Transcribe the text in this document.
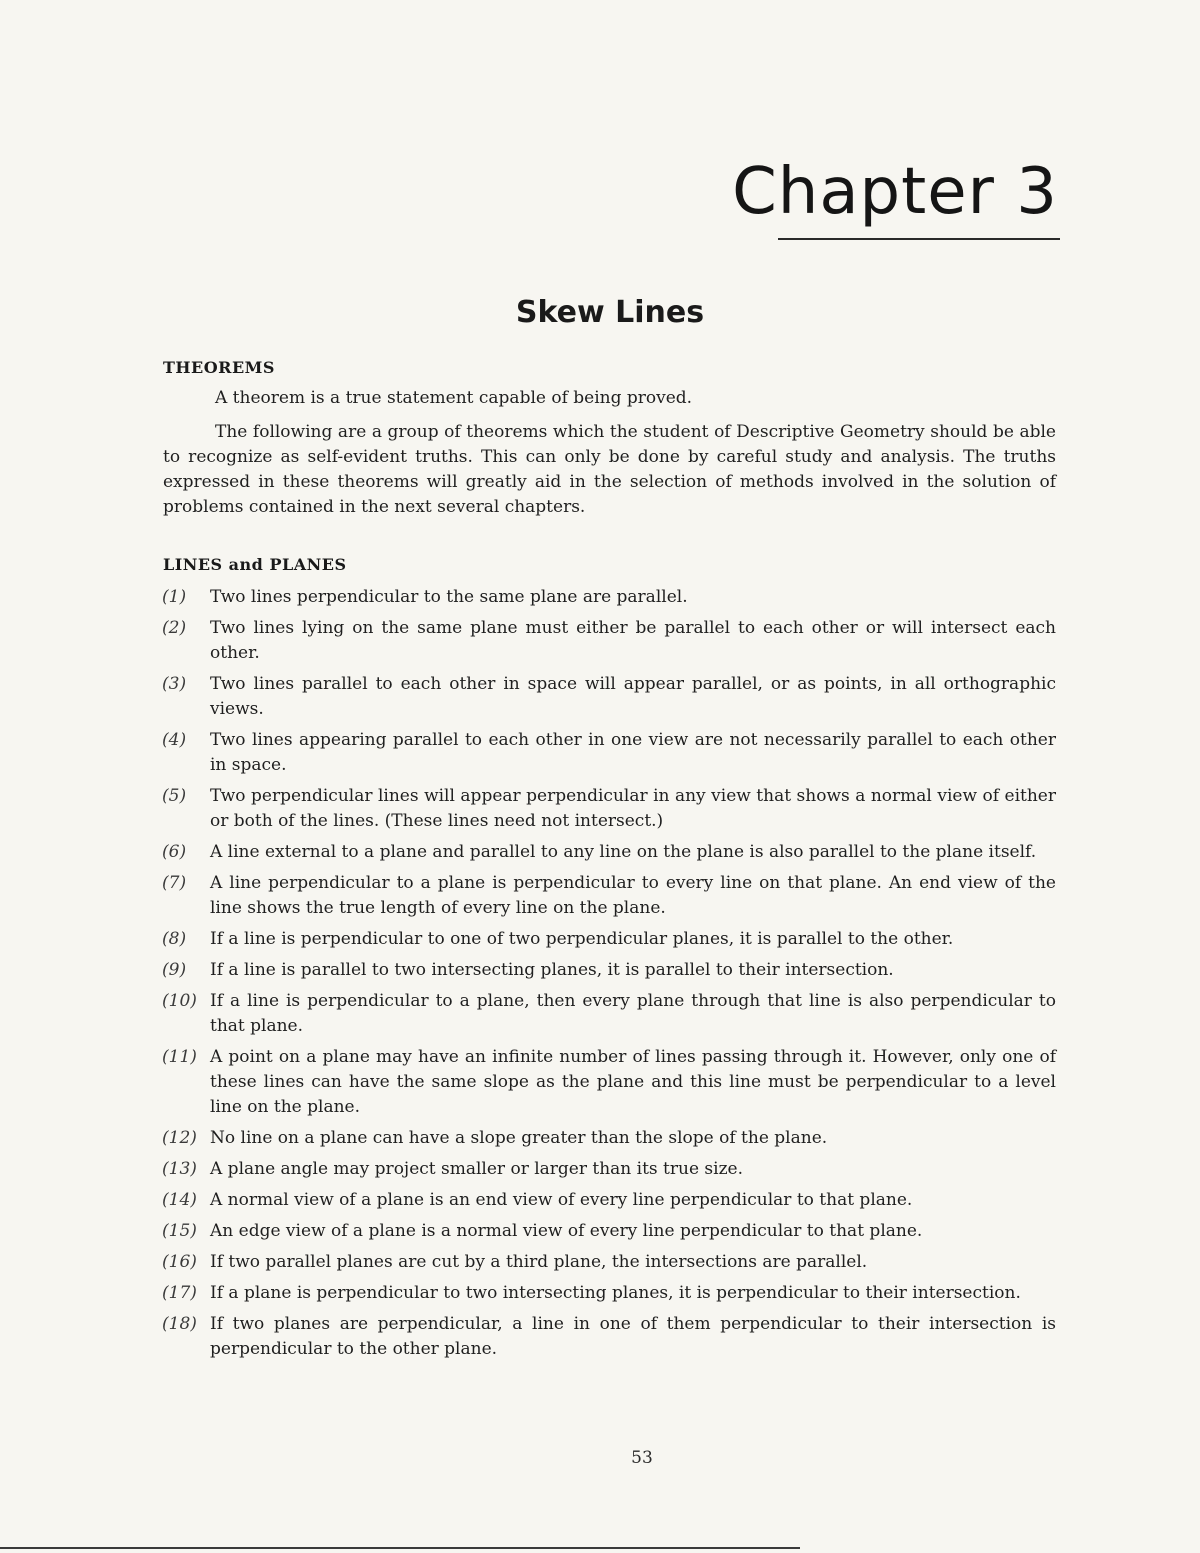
Chapter 3
Skew Lines
THEOREMS

A theorem is a true statement capable of being proved.

The following are a group of theorems which the student of Descriptive Geometry should be able to recognize as self-evident truths. This can only be done by careful study and analysis. The truths expressed in these theorems will greatly aid in the selection of methods involved in the solution of problems contained in the next several chapters.

LINES and PLANES
(1)	Two lines perpendicular to the same plane are parallel.
(2)	Two lines lying on the same plane must either be parallel to each other or will intersect each other.
(3)	Two lines parallel to each other in space will appear parallel, or as points, in all orthographic views.
(4)	Two lines appearing parallel to each other in one view are not necessarily parallel to each other in space.
(5)	Two perpendicular lines will appear perpendicular in any view that shows a normal view of either or both of the lines. (These lines need not intersect.)
(6)	A line external to a plane and parallel to any line on the plane is also parallel to the plane itself.
(7)	A line perpendicular to a plane is perpendicular to every line on that plane. An end view of the line shows the true length of every line on the plane.
(8)	If a line is perpendicular to one of two perpendicular planes, it is parallel to the other.
(9)	If a line is parallel to two intersecting planes, it is parallel to their intersection.
(10) If a line is perpendicular to a plane, then every plane through that line is also perpendicular to that plane.
(11) A point on a plane may have an infinite number of lines passing through it. However, only one of these lines can have the same slope as the plane and this line must be perpendicular to a level line on the plane.
(12) No line on a plane can have a slope greater than the slope of the plane.
(13) A plane angle may project smaller or larger than its true size.
(14) A normal view of a plane is an end view of every line perpendicular to that plane.
(15) An edge view of a plane is a normal view of every line perpendicular to that plane.
(16) If two parallel planes are cut by a third plane, the intersections are parallel.
(17) If a plane is perpendicular to two intersecting planes, it is perpendicular to their intersection.
(18) If two planes are perpendicular, a line in one of them perpendicular to their intersection is perpendicular to the other plane.
53
